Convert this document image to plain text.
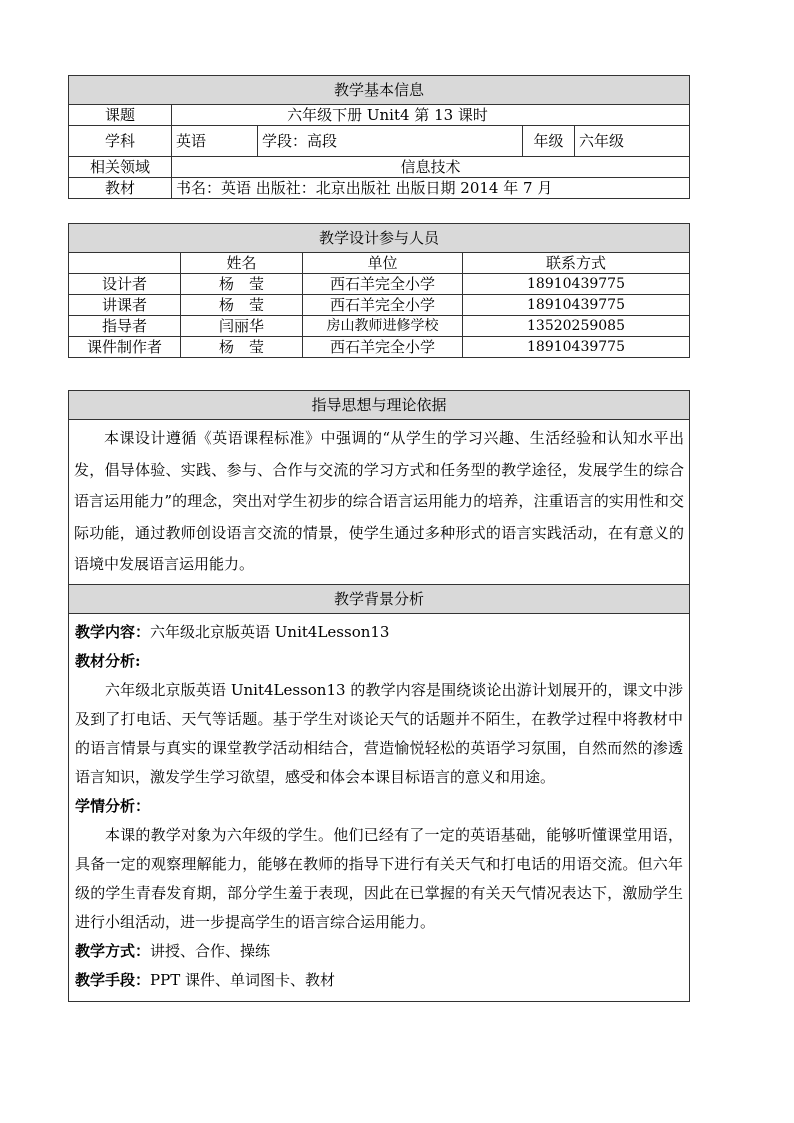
教学基本信息				
课题	六年级下册 Unit4 第 13 课时			
学科	英语	学段：高段	年级	六年级
相关领域	信息技术			
教材	书名：英语 出版社：北京出版社 出版日期 2014 年 7 月			
教学设计参与人员			
	姓名	单位	联系方式
设计者	杨　莹	西石羊完全小学	18910439775
讲课者	杨　莹	西石羊完全小学	18910439775
指导者	闫丽华	房山教师进修学校	13520259085
课件制作者	杨　莹	西石羊完全小学	18910439775
指导思想与理论依据
本课设计遵循《英语课程标准》中强调的“从学生的学习兴趣、生活经验和认知水平出发，倡导体验、实践、参与、合作与交流的学习方式和任务型的教学途径，发展学生的综合语言运用能力”的理念，突出对学生初步的综合语言运用能力的培养，注重语言的实用性和交际功能，通过教师创设语言交流的情景，使学生通过多种形式的语言实践活动，在有意义的语境中发展语言运用能力。
教学背景分析

教学内容：六年级北京版英语 Unit4Lesson13

教材分析:

六年级北京版英语 Unit4Lesson13 的教学内容是围绕谈论出游计划展开的，课文中涉及到了打电话、天气等话题。基于学生对谈论天气的话题并不陌生，在教学过程中将教材中的语言情景与真实的课堂教学活动相结合，营造愉悦轻松的英语学习氛围，自然而然的渗透语言知识，激发学生学习欲望，感受和体会本课目标语言的意义和用途。

学情分析：

本课的教学对象为六年级的学生。他们已经有了一定的英语基础，能够听懂课堂用语，具备一定的观察理解能力，能够在教师的指导下进行有关天气和打电话的用语交流。但六年级的学生青春发育期，部分学生羞于表现，因此在已掌握的有关天气情况表达下，激励学生进行小组活动，进一步提高学生的语言综合运用能力。

教学方式：讲授、合作、操练

教学手段：PPT 课件、单词图卡、教材
